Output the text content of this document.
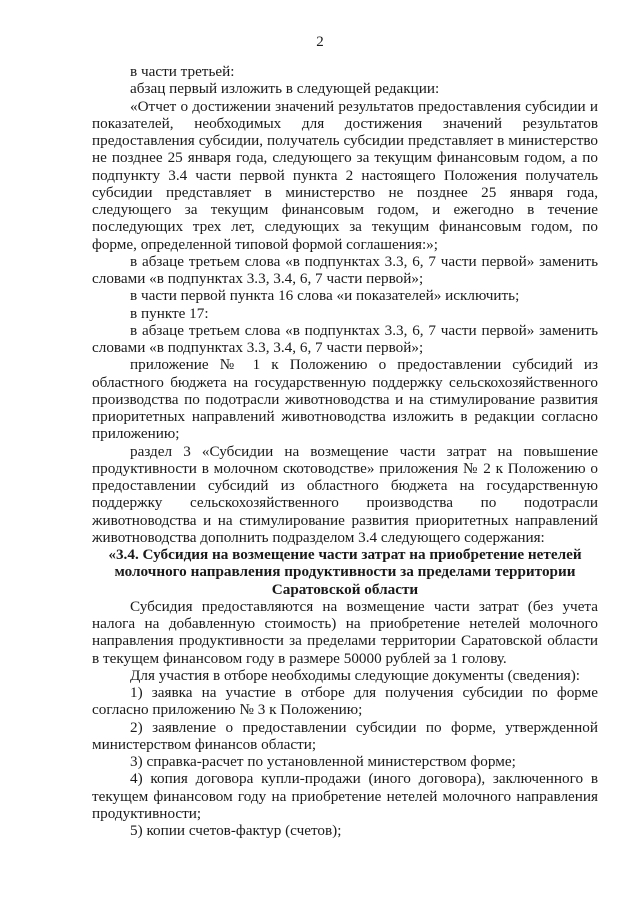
2

в части третьей:

абзац первый изложить в следующей редакции:

«Отчет о достижении значений результатов предоставления субсидии и показателей, необходимых для достижения значений результатов предоставления субсидии, получатель субсидии представляет в министерство не позднее 25 января года, следующего за текущим финансовым годом, а по подпункту 3.4 части первой пункта 2 настоящего Положения получатель субсидии представляет в министерство не позднее 25 января года, следующего за текущим финансовым годом, и ежегодно в течение последующих трех лет, следующих за текущим финансовым годом, по форме, определенной типовой формой соглашения:»;

в абзаце третьем слова «в подпунктах 3.3, 6, 7 части первой» заменить словами «в подпунктах 3.3, 3.4, 6, 7 части первой»;

в части первой пункта 16 слова «и показателей» исключить;

в пункте 17:

в абзаце третьем слова «в подпунктах 3.3, 6, 7 части первой» заменить словами «в подпунктах 3.3, 3.4, 6, 7 части первой»;

приложение № 1 к Положению о предоставлении субсидий из областного бюджета на государственную поддержку сельскохозяйственного производства по подотрасли животноводства и на стимулирование развития приоритетных направлений животноводства изложить в редакции согласно приложению;

раздел 3 «Субсидии на возмещение части затрат на повышение продуктивности в молочном скотоводстве» приложения № 2 к Положению о предоставлении субсидий из областного бюджета на государственную поддержку сельскохозяйственного производства по подотрасли животноводства и на стимулирование развития приоритетных направлений животноводства дополнить подразделом 3.4 следующего содержания:

«3.4. Субсидия на возмещение части затрат на приобретение нетелей молочного направления продуктивности за пределами территории Саратовской области

Субсидия предоставляются на возмещение части затрат (без учета налога на добавленную стоимость) на приобретение нетелей молочного направления продуктивности за пределами территории Саратовской области в текущем финансовом году в размере 50000 рублей за 1 голову.

Для участия в отборе необходимы следующие документы (сведения):

1) заявка на участие в отборе для получения субсидии по форме согласно приложению № 3 к Положению;

2) заявление о предоставлении субсидии по форме, утвержденной министерством финансов области;

3) справка-расчет по установленной министерством форме;

4) копия договора купли-продажи (иного договора), заключенного в текущем финансовом году на приобретение нетелей молочного направления продуктивности;

5) копии счетов-фактур (счетов);
